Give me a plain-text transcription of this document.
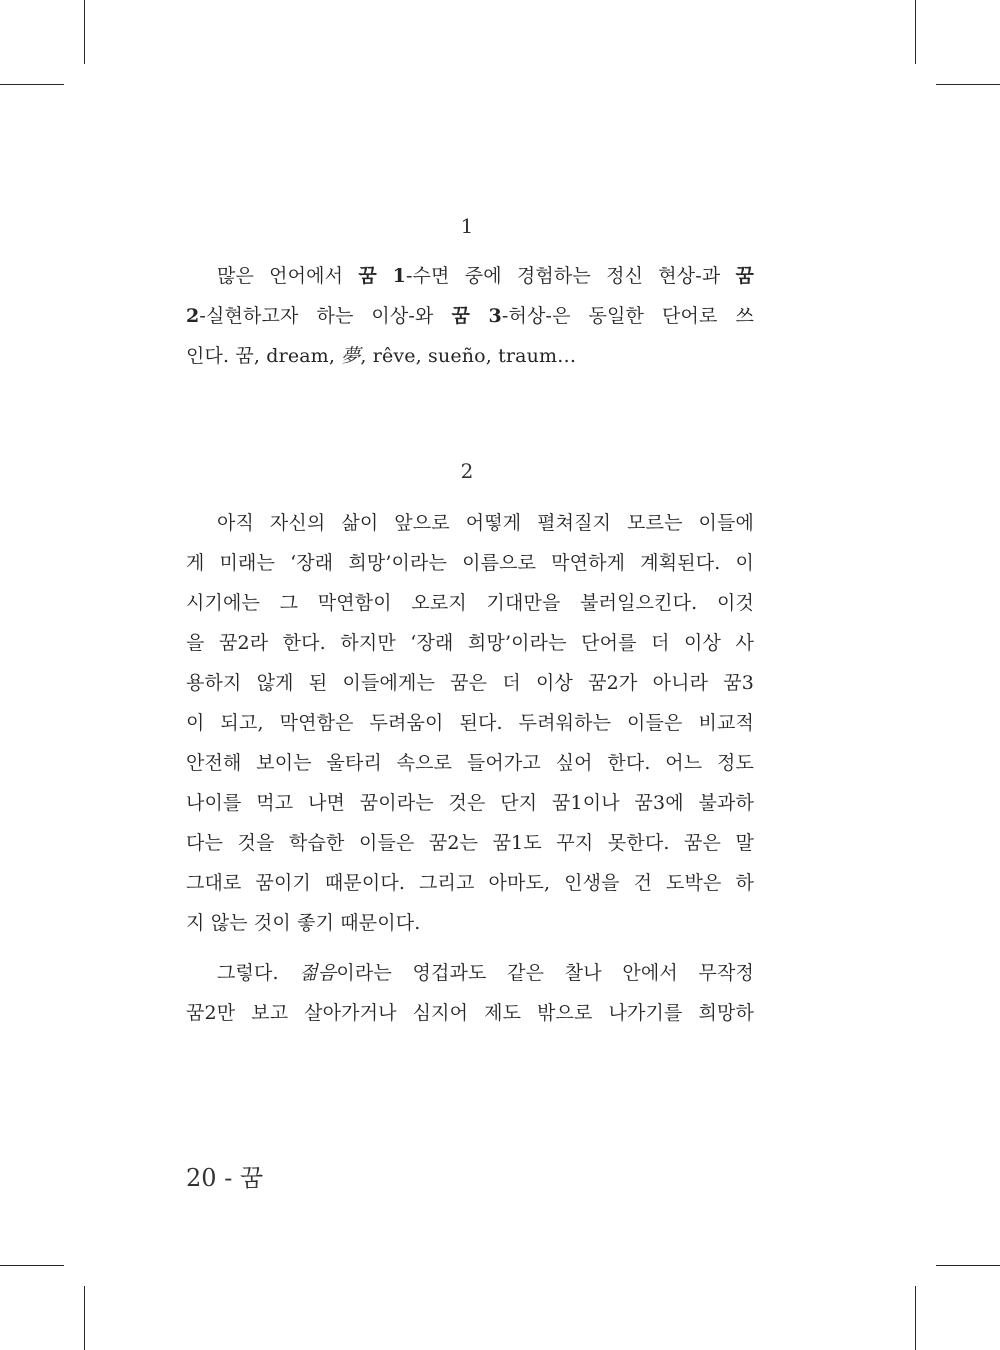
1
많은 언어에서 꿈 1-수면 중에 경험하는 정신 현상-과 꿈
2-실현하고자 하는 이상-와 꿈 3-허상-은 동일한 단어로 쓰
인다. 꿈, dream, 夢, rêve, sueño, traum…
2
아직 자신의 삶이 앞으로 어떻게 펼쳐질지 모르는 이들에
게 미래는 ‘장래 희망’이라는 이름으로 막연하게 계획된다. 이
시기에는 그 막연함이 오로지 기대만을 불러일으킨다. 이것
을 꿈2라 한다. 하지만 ‘장래 희망’이라는 단어를 더 이상 사
용하지 않게 된 이들에게는 꿈은 더 이상 꿈2가 아니라 꿈3
이 되고, 막연함은 두려움이 된다. 두려워하는 이들은 비교적
안전해 보이는 울타리 속으로 들어가고 싶어 한다. 어느 정도
나이를 먹고 나면 꿈이라는 것은 단지 꿈1이나 꿈3에 불과하
다는 것을 학습한 이들은 꿈2는 꿈1도 꾸지 못한다. 꿈은 말
그대로 꿈이기 때문이다. 그리고 아마도, 인생을 건 도박은 하
지 않는 것이 좋기 때문이다.
그렇다. 젊음이라는 영겁과도 같은 찰나 안에서 무작정
꿈2만 보고 살아가거나 심지어 제도 밖으로 나가기를 희망하
20 - 꿈
